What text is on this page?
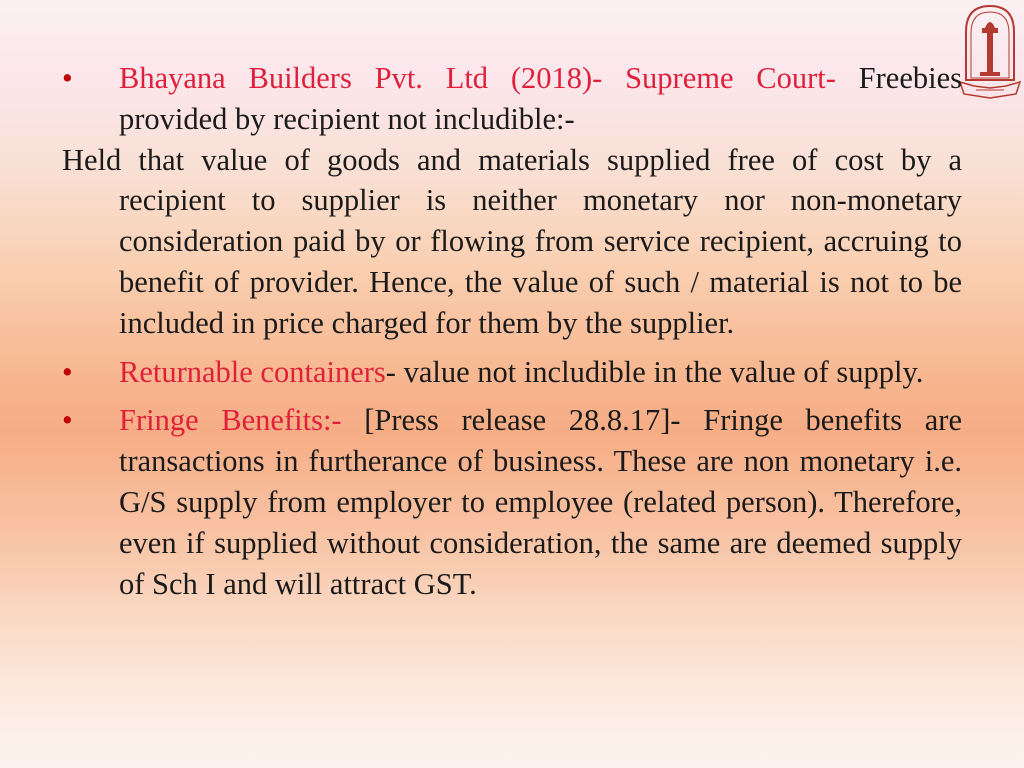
•	Bhayana Builders Pvt. Ltd (2018)- Supreme Court- Freebies provided by recipient not includible:-
Held that value of goods and materials supplied free of cost by a recipient to supplier is neither monetary nor non-monetary consideration paid by or flowing from service recipient, accruing to benefit of provider. Hence, the value of such / material is not to be included in price charged for them by the supplier.
•	Returnable containers- value not includible in the value of supply.
•	Fringe Benefits:- [Press release 28.8.17]- Fringe benefits are transactions in furtherance of business. These are non monetary i.e. G/S supply from employer to employee (related person). Therefore, even if supplied without consideration, the same are deemed supply of Sch I and will attract GST.
